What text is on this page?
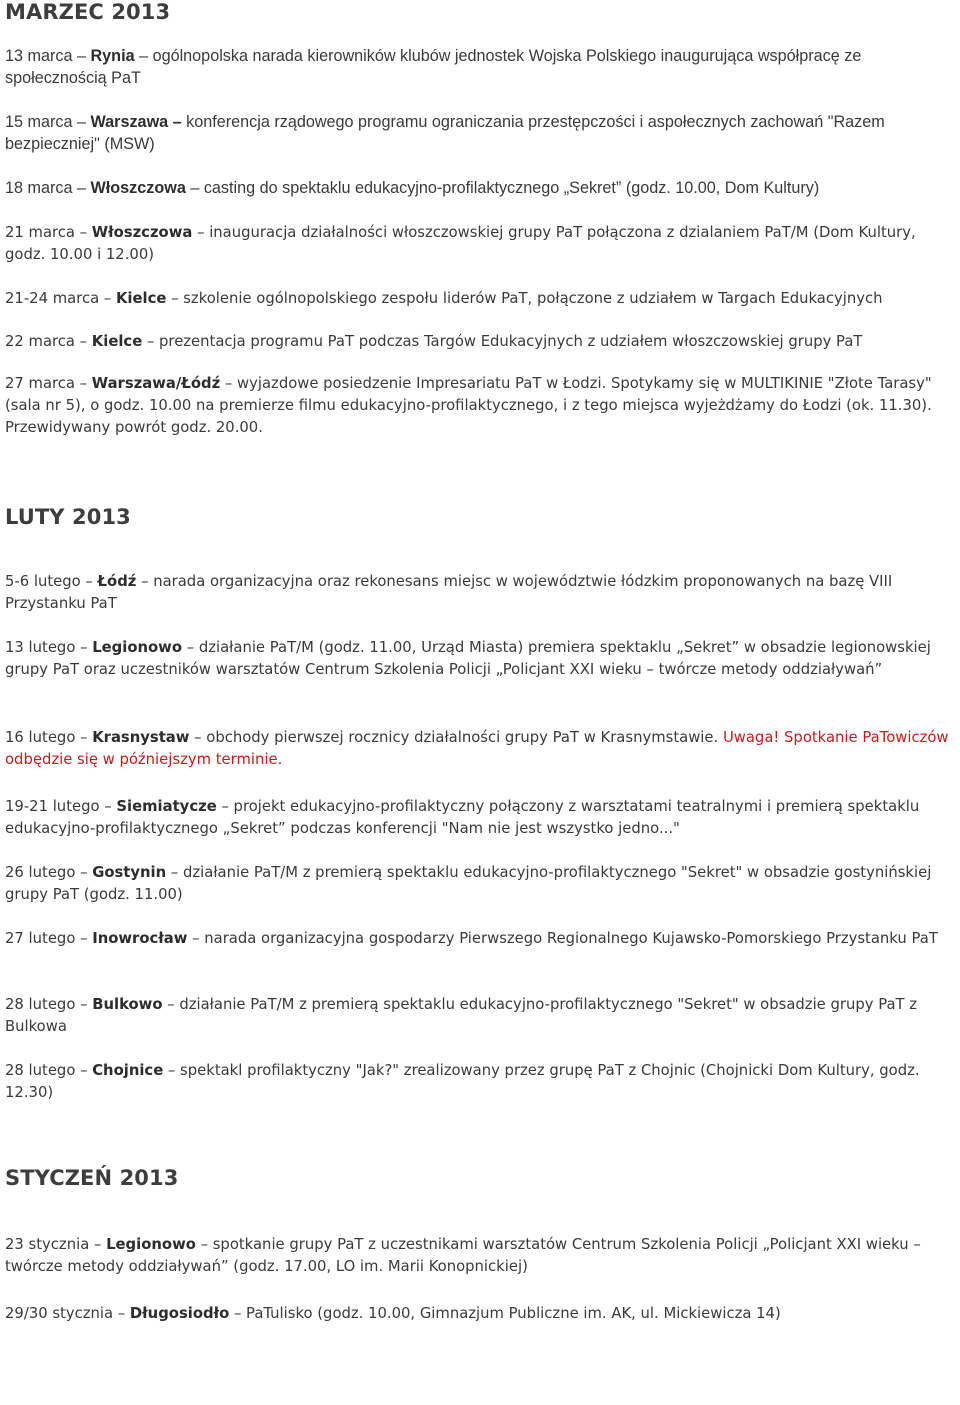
MARZEC 2013

13 marca – Rynia – ogólnopolska narada kierowników klubów jednostek Wojska Polskiego inaugurująca współpracę ze społecznością PaT

15 marca – Warszawa – konferencja rządowego programu ograniczania przestępczości i aspołecznych zachowań "Razem bezpieczniej" (MSW)

18 marca – Włoszczowa – casting do spektaklu edukacyjno-profilaktycznego „Sekret” (godz. 10.00, Dom Kultury)

21 marca – Włoszczowa – inauguracja działalności włoszczowskiej grupy PaT połączona z dzialaniem PaT/M (Dom Kultury, godz. 10.00 i 12.00)

21-24 marca – Kielce – szkolenie ogólnopolskiego zespołu liderów PaT, połączone z udziałem w Targach Edukacyjnych

22 marca – Kielce – prezentacja programu PaT podczas Targów Edukacyjnych z udziałem włoszczowskiej grupy PaT

27 marca – Warszawa/Łódź – wyjazdowe posiedzenie Impresariatu PaT w Łodzi. Spotykamy się w MULTIKINIE "Złote Tarasy" (sala nr 5), o godz. 10.00 na premierze filmu edukacyjno-profilaktycznego, i z tego miejsca wyjeżdżamy do Łodzi (ok. 11.30). Przewidywany powrót godz. 20.00.

LUTY 2013

5-6 lutego – Łódź – narada organizacyjna oraz rekonesans miejsc w województwie łódzkim proponowanych na bazę VIII Przystanku PaT

13 lutego – Legionowo – działanie PaT/M (godz. 11.00, Urząd Miasta) premiera spektaklu „Sekret” w obsadzie legionowskiej grupy PaT oraz uczestników warsztatów Centrum Szkolenia Policji „Policjant XXI wieku – twórcze metody oddziaływań”

16 lutego – Krasnystaw – obchody pierwszej rocznicy działalności grupy PaT w Krasnymstawie. Uwaga! Spotkanie PaTowiczów odbędzie się w późniejszym terminie.

19-21 lutego – Siemiatycze – projekt edukacyjno-profilaktyczny połączony z warsztatami teatralnymi i premierą spektaklu edukacyjno-profilaktycznego „Sekret” podczas konferencji "Nam nie jest wszystko jedno..."

26 lutego – Gostynin – działanie PaT/M z premierą spektaklu edukacyjno-profilaktycznego "Sekret" w obsadzie gostynińskiej grupy PaT (godz. 11.00)

27 lutego – Inowrocław – narada organizacyjna gospodarzy Pierwszego Regionalnego Kujawsko-Pomorskiego Przystanku PaT

28 lutego – Bulkowo – działanie PaT/M z premierą spektaklu edukacyjno-profilaktycznego "Sekret" w obsadzie grupy PaT z Bulkowa

28 lutego – Chojnice – spektakl profilaktyczny "Jak?" zrealizowany przez grupę PaT z Chojnic (Chojnicki Dom Kultury, godz. 12.30)

STYCZEŃ 2013

23 stycznia – Legionowo – spotkanie grupy PaT z uczestnikami warsztatów Centrum Szkolenia Policji „Policjant XXI wieku – twórcze metody oddziaływań” (godz. 17.00, LO im. Marii Konopnickiej)

29/30 stycznia – Długosiodło – PaTulisko (godz. 10.00, Gimnazjum Publiczne im. AK, ul. Mickiewicza 14)
